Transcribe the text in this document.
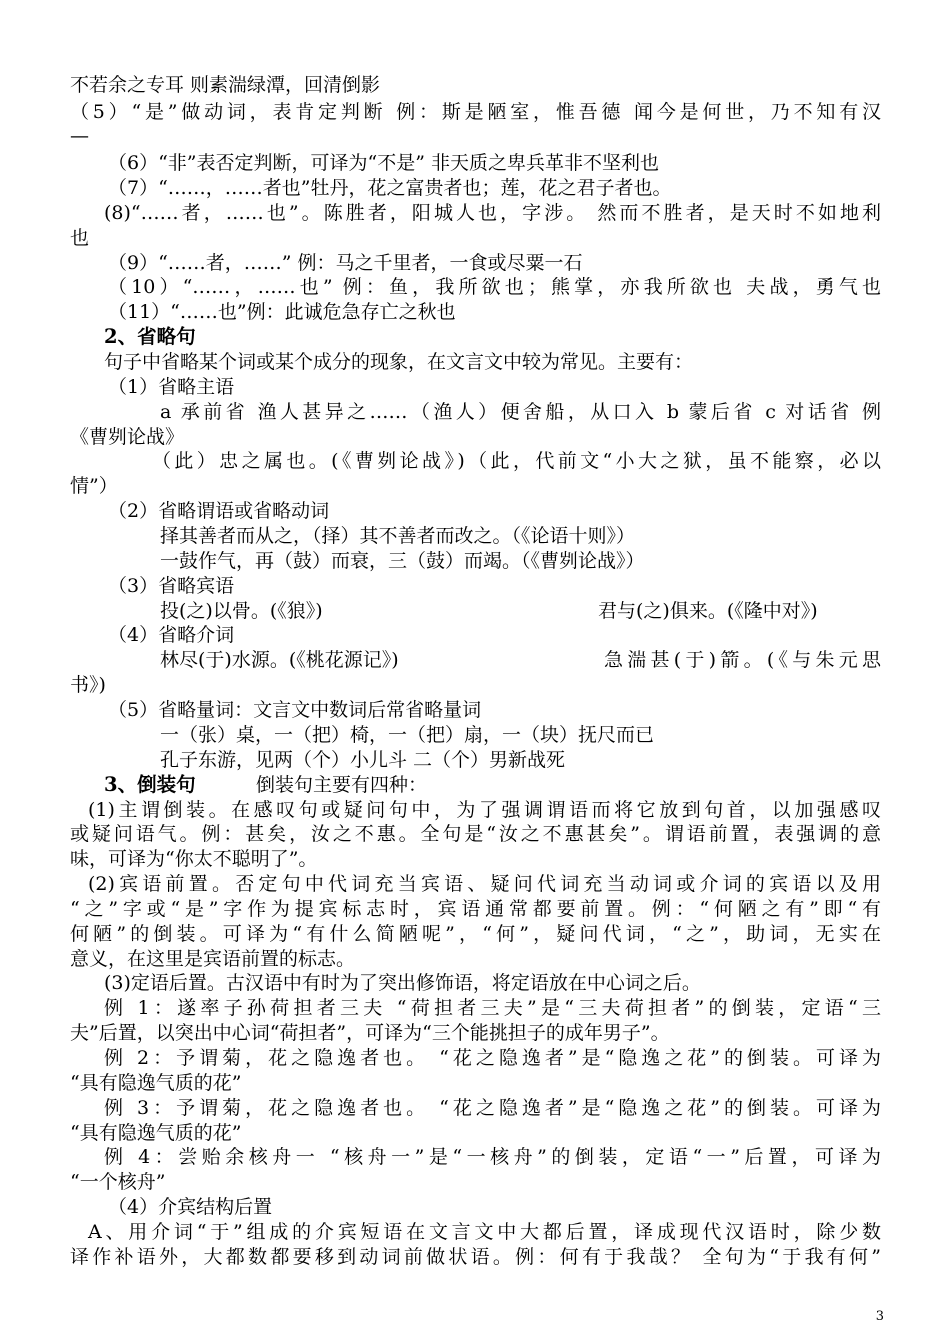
不若余之专耳 则素湍绿潭，回清倒影
（5）“是”做动词，表肯定判断 例：斯是陋室，惟吾德 闻今是何世，乃不知有汉
—
（6）“非”表否定判断，可译为“不是” 非天质之卑兵革非不坚利也
（7）“……，……者也”牡丹，花之富贵者也；莲，花之君子者也。
(8)“……者，……也”。陈胜者，阳城人也，字涉。 然而不胜者，是天时不如地利
也
（9）“……者，……” 例：马之千里者，一食或尽粟一石
（10）“……，……也” 例：鱼，我所欲也；熊掌，亦我所欲也 夫战，勇气也
（11）“……也”例：此诚危急存亡之秋也
2、省略句
句子中省略某个词或某个成分的现象，在文言文中较为常见。主要有：
（1）省略主语
a 承前省 渔人甚异之……（渔人）便舍船，从口入 b 蒙后省 c 对话省 例
《曹刿论战》
（此）忠之属也。(《曹刿论战》)（此，代前文“小大之狱，虽不能察，必以
情”）
（2）省略谓语或省略动词
择其善者而从之，（择）其不善者而改之。（《论语十则》）
一鼓作气，再（鼓）而衰，三（鼓）而竭。（《曹刿论战》）
（3）省略宾语
投(之)以骨。(《狼》)	君与(之)俱来。(《隆中对》)
（4）省略介词
林尽(于)水源。(《桃花源记》)	急湍甚(于)箭。(《与朱元思
书》)
（5）省略量词：文言文中数词后常省略量词
一（张）桌，一（把）椅，一（把）扇，一（块）抚尺而已
孔子东游，见两（个）小儿斗 二（个）男新战死
3、倒装句	倒装句主要有四种：
(1)主谓倒装。在感叹句或疑问句中，为了强调谓语而将它放到句首，以加强感叹
或疑问语气。例：甚矣，汝之不惠。全句是“汝之不惠甚矣”。谓语前置，表强调的意
味，可译为“你太不聪明了”。
(2)宾语前置。否定句中代词充当宾语、疑问代词充当动词或介词的宾语以及用
“之”字或“是”字作为提宾标志时，宾语通常都要前置。例：“何陋之有”即“有
何陋”的倒装。可译为“有什么简陋呢”，“何”，疑问代词，“之”，助词，无实在
意义，在这里是宾语前置的标志。
(3)定语后置。古汉语中有时为了突出修饰语，将定语放在中心词之后。
例 1：遂率子孙荷担者三夫 “荷担者三夫”是“三夫荷担者”的倒装，定语“三
夫”后置，以突出中心词“荷担者”，可译为“三个能挑担子的成年男子”。
例 2：予谓菊，花之隐逸者也。 “花之隐逸者”是“隐逸之花”的倒装。可译为
“具有隐逸气质的花”
例 3：予谓菊，花之隐逸者也。 “花之隐逸者”是“隐逸之花”的倒装。可译为
“具有隐逸气质的花”
例 4：尝贻余核舟一 “核舟一”是“一核舟”的倒装，定语“一”后置，可译为
“一个核舟”
（4）介宾结构后置
A、用介词“于”组成的介宾短语在文言文中大都后置，译成现代汉语时，除少数
译作补语外，大都数都要移到动词前做状语。例：何有于我哉？ 全句为“于我有何”
3
